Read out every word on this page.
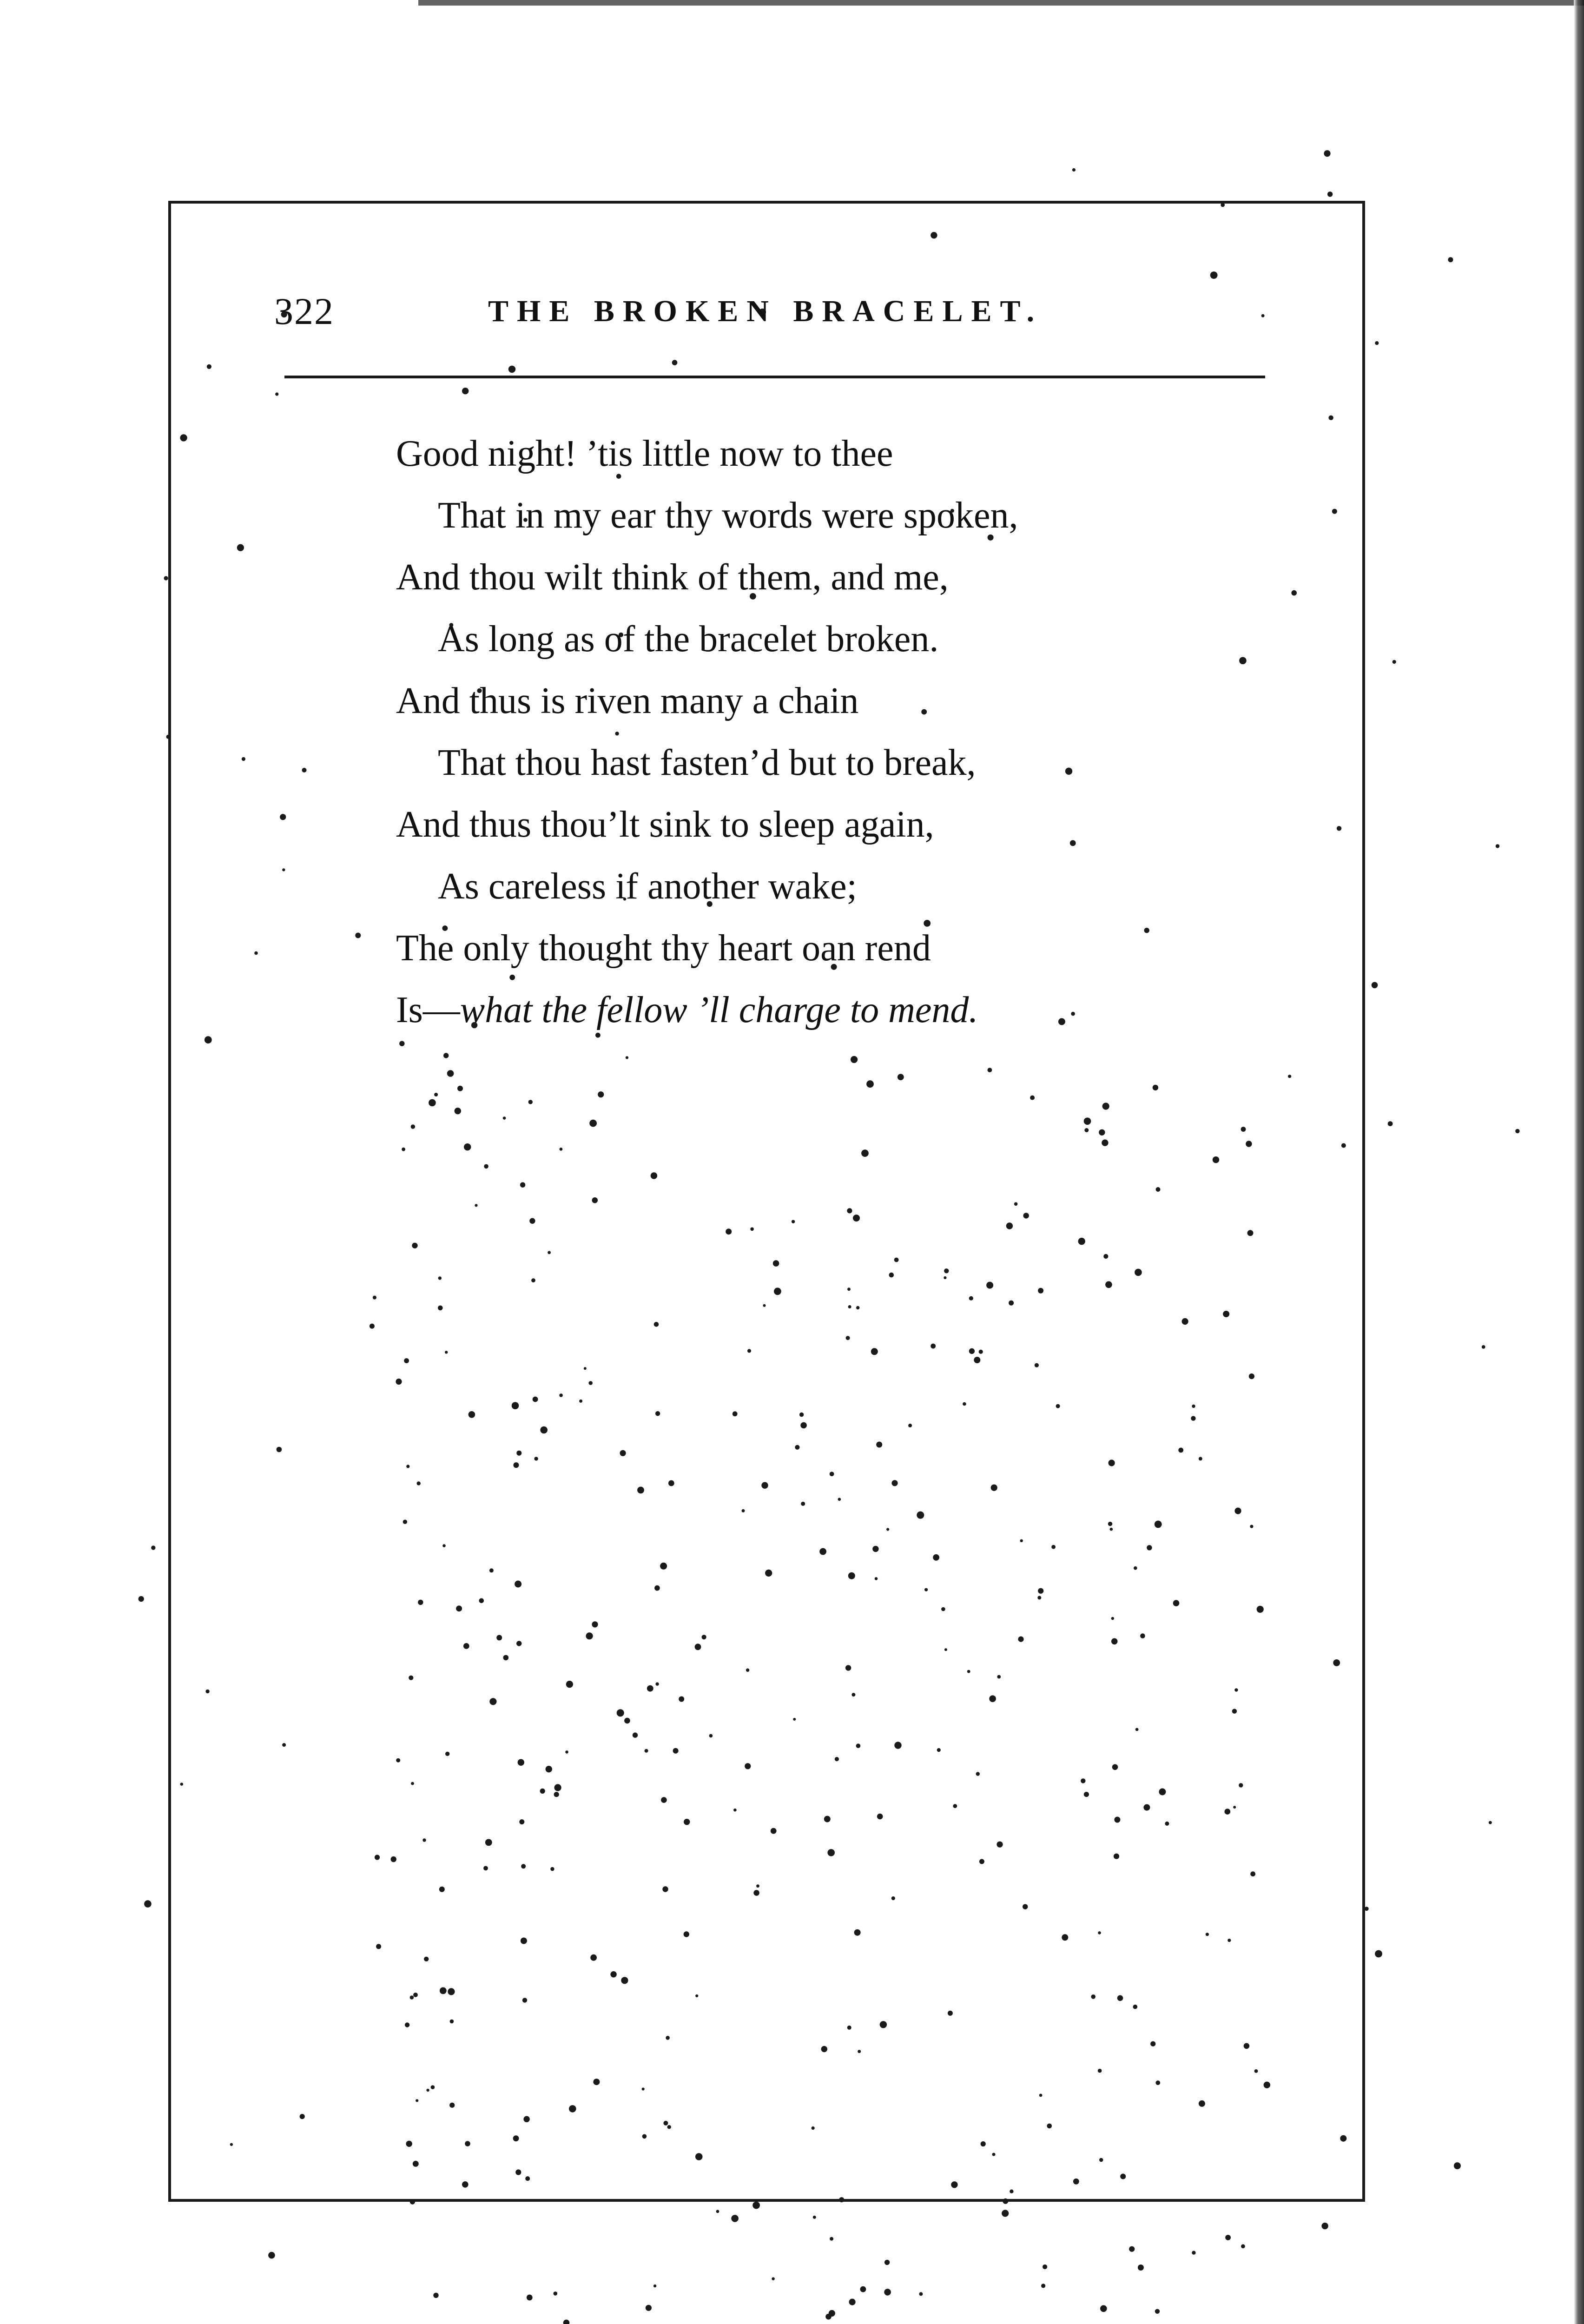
322	THE BROKEN BRACELET.
Good night! ’tis little now to thee
That in my ear thy words were spoken,
And thou wilt think of them, and me,
As long as of the bracelet broken.
And thus is riven many a chain
That thou hast fasten’d but to break,
And thus thou’lt sink to sleep again,
As careless if another wake;
The only thought thy heart oan rend
Is—what the fellow ’ll charge to mend.
